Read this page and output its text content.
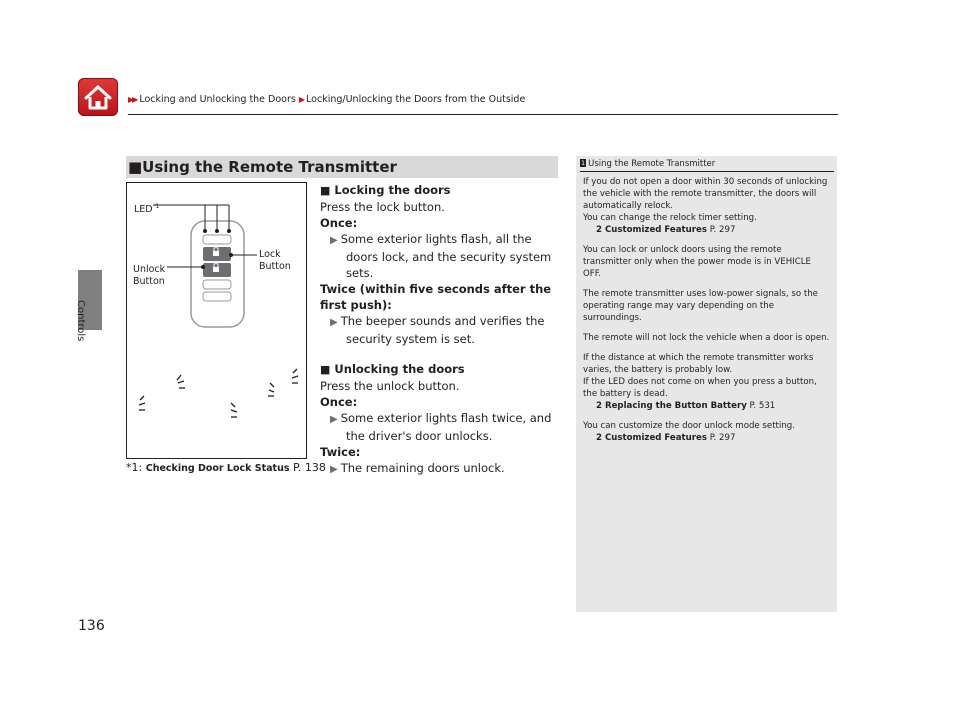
▶▶ Locking and Unlocking the Doors ▶ Locking/Unlocking the Doors from the Outside
Controls
136
■Using the Remote Transmitter
LED$^{*1}$
Lock
Button
Unlock
Button

■ Locking the doors

Press the lock button.

Once:

▶ Some exterior lights flash, all the doors lock, and the security system sets.

Twice (within five seconds after the first push):

▶ The beeper sounds and verifies the security system is set.

■ Unlocking the doors

Press the unlock button.

Once:

▶ Some exterior lights flash twice, and the driver's door unlocks.

Twice:

▶ The remaining doors unlock.

*1: Checking Door Lock Status P. 138
1 Using the Remote Transmitter

If you do not open a door within 30 seconds of unlocking the vehicle with the remote transmitter, the doors will automatically relock.

You can change the relock timer setting.

2 Customized Features P. 297

You can lock or unlock doors using the remote transmitter only when the power mode is in VEHICLE OFF.

The remote transmitter uses low-power signals, so the operating range may vary depending on the surroundings.

The remote will not lock the vehicle when a door is open.

If the distance at which the remote transmitter works varies, the battery is probably low.

If the LED does not come on when you press a button, the battery is dead.

2 Replacing the Button Battery P. 531

You can customize the door unlock mode setting.

2 Customized Features P. 297
